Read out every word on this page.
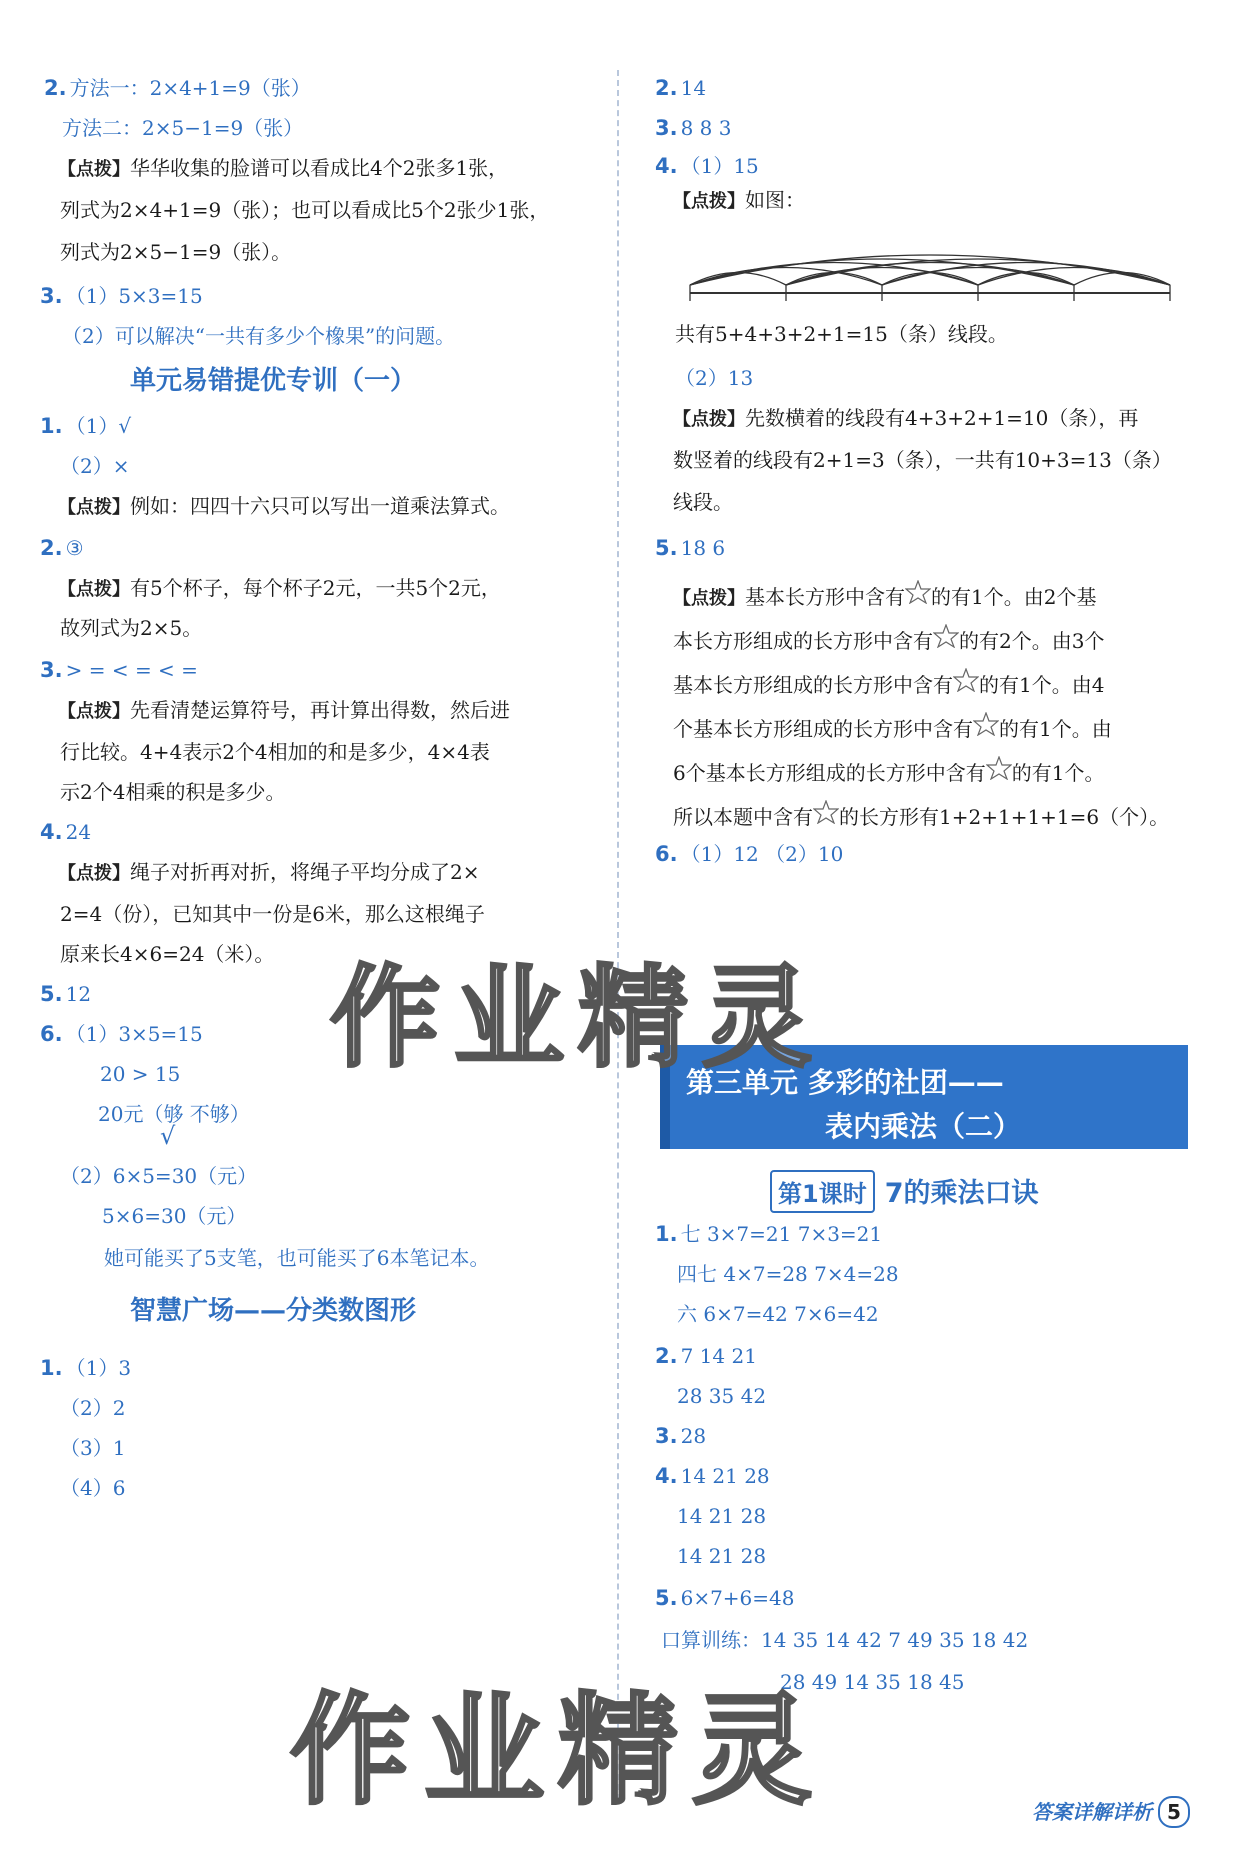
2. 方法一：2×4+1=9（张）
方法二：2×5−1=9（张）
【点拨】华华收集的脸谱可以看成比4个2张多1张，
列式为2×4+1=9（张）；也可以看成比5个2张少1张，
列式为2×5−1=9（张）。
3. （1）5×3=15
（2）可以解决“一共有多少个橡果”的问题。
单元易错提优专训（一）
1. （1）√
（2）×
【点拨】例如：四四十六只可以写出一道乘法算式。
2. ③
【点拨】有5个杯子，每个杯子2元，一共5个2元，
故列式为2×5。
3. > = < = < =
【点拨】先看清楚运算符号，再计算出得数，然后进
行比较。4+4表示2个4相加的和是多少，4×4表
示2个4相乘的积是多少。
4. 24
【点拨】绳子对折再对折，将绳子平均分成了2×
2=4（份），已知其中一份是6米，那么这根绳子
原来长4×6=24（米）。
5. 12
6. （1）3×5=15
20 > 15
20元（够 不够）
√
（2）6×5=30（元）
5×6=30（元）
她可能买了5支笔，也可能买了6本笔记本。
智慧广场——分类数图形
1. （1）3
（2）2
（3）1
（4）6
2. 14
3. 8 8 3
4. （1）15
【点拨】如图：
共有5+4+3+2+1=15（条）线段。
（2）13
【点拨】先数横着的线段有4+3+2+1=10（条），再
数竖着的线段有2+1=3（条），一共有10+3=13（条）
线段。
5. 18 6
【点拨】基本长方形中含有 的有1个。由2个基
本长方形组成的长方形中含有 的有2个。由3个
基本长方形组成的长方形中含有 的有1个。由4
个基本长方形组成的长方形中含有 的有1个。由
6个基本长方形组成的长方形中含有 的有1个。
所以本题中含有 的长方形有1+2+1+1+1=6（个）。
6. （1）12 （2）10
第三单元 多彩的社团——
表内乘法（二）
第1课时 7的乘法口诀
1. 七 3×7=21 7×3=21
四七 4×7=28 7×4=28
六 6×7=42 7×6=42
2. 7 14 21
28 35 42
3. 28
4. 14 21 28
14 21 28
14 21 28
5. 6×7+6=48
口算训练：14 35 14 42 7 49 35 18 42
28 49 14 35 18 45
答案详解详析 5
作业精灵
作业精灵
